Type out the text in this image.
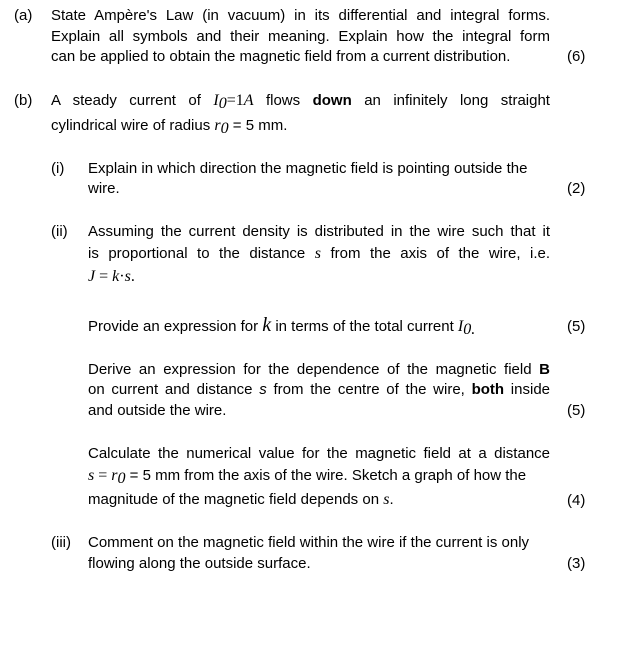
(a) State Ampère's Law (in vacuum) in its differential and integral forms.
Explain all symbols and their meaning. Explain how the integral form
can be applied to obtain the magnetic field from a current distribution.	(6)
(b) A steady current of $I_0=1A$ flows down an infinitely long straight
cylindrical wire of radius $r_0 = 5$ mm.
(i) Explain in which direction the magnetic field is pointing outside the
wire.	(2)
(ii) Assuming the current density is distributed in the wire such that it
is proportional to the distance s from the axis of the wire, i.e.
J = k·s.
Provide an expression for k in terms of the total current $I_{0.}$	(5)
Derive an expression for the dependence of the magnetic field B
on current and distance s from the centre of the wire, both inside
and outside the wire.	(5)
Calculate the numerical value for the magnetic field at a distance
$s = r_0 = 5$ mm from the axis of the wire. Sketch a graph of how the
magnitude of the magnetic field depends on s.	(4)
(iii) Comment on the magnetic field within the wire if the current is only
flowing along the outside surface.	(3)
